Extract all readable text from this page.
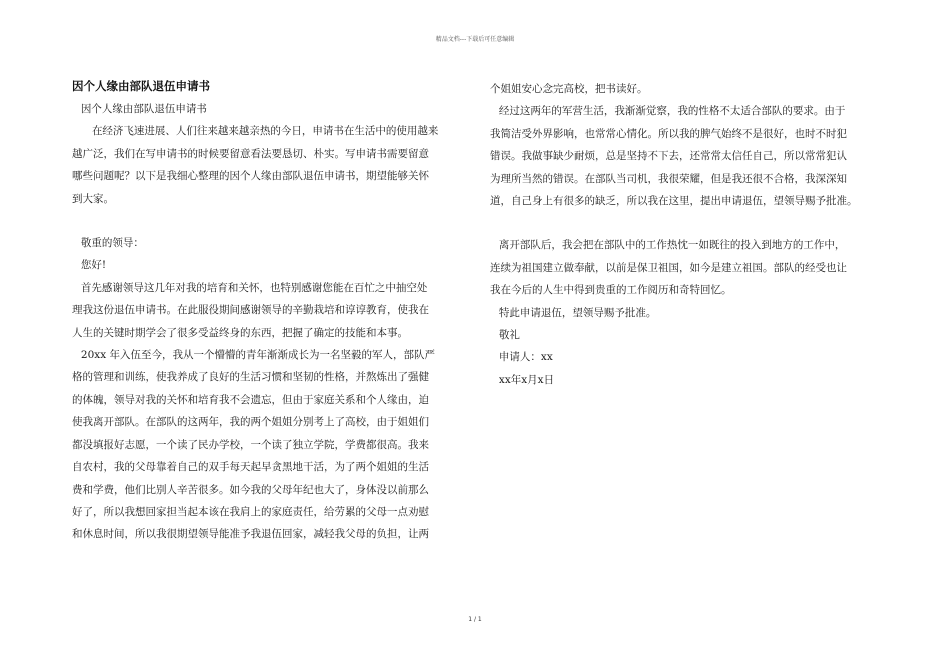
精品文档---下载后可任意编辑
因个人缘由部队退伍申请书
因个人缘由部队退伍申请书
在经济飞速进展、人们往来越来越亲热的今日，申请书在生活中的使用越来
越广泛，我们在写申请书的时候要留意看法要恳切、朴实。写申请书需要留意
哪些问题呢？以下是我细心整理的因个人缘由部队退伍申请书，期望能够关怀
到大家。
敬重的领导：
您好!
首先感谢领导这几年对我的培育和关怀，也特别感谢您能在百忙之中抽空处
理我这份退伍申请书。在此服役期间感谢领导的辛勤栽培和谆谆教育，使我在
人生的关键时期学会了很多受益终身的东西，把握了确定的技能和本事。
20xx 年入伍至今，我从一个懵懵的青年渐渐成长为一名坚毅的军人，部队严
格的管理和训练，使我养成了良好的生活习惯和坚韧的性格，并熬炼出了强健
的体魄，领导对我的关怀和培育我不会遗忘，但由于家庭关系和个人缘由，迫
使我离开部队。在部队的这两年，我的两个姐姐分别考上了高校，由于姐姐们
都没填报好志愿，一个读了民办学校，一个读了独立学院，学费都很高。我来
自农村，我的父母靠着自己的双手每天起早贪黑地干活，为了两个姐姐的生活
费和学费，他们比别人辛苦很多。如今我的父母年纪也大了，身体没以前那么
好了，所以我想回家担当起本该在我肩上的家庭责任，给劳累的父母一点劝慰
和休息时间，所以我很期望领导能准予我退伍回家，减轻我父母的负担，让两
个姐姐安心念完高校，把书读好。
经过这两年的军营生活，我渐渐觉察，我的性格不太适合部队的要求。由于
我简洁受外界影响，也常常心情化。所以我的脾气始终不是很好，也时不时犯
错误。我做事缺少耐烦，总是坚持不下去，还常常太信任自己，所以常常犯认
为理所当然的错误。在部队当司机，我很荣耀，但是我还很不合格，我深深知
道，自己身上有很多的缺乏，所以我在这里，提出申请退伍，望领导赐予批准。
离开部队后，我会把在部队中的工作热忱一如既往的投入到地方的工作中，
连续为祖国建立做奉献，以前是保卫祖国，如今是建立祖国。部队的经受也让
我在今后的人生中得到贵重的工作阅历和奇特回忆。
特此申请退伍，望领导赐予批准。
敬礼
申请人：xx
xx年x月x日
1 / 1
